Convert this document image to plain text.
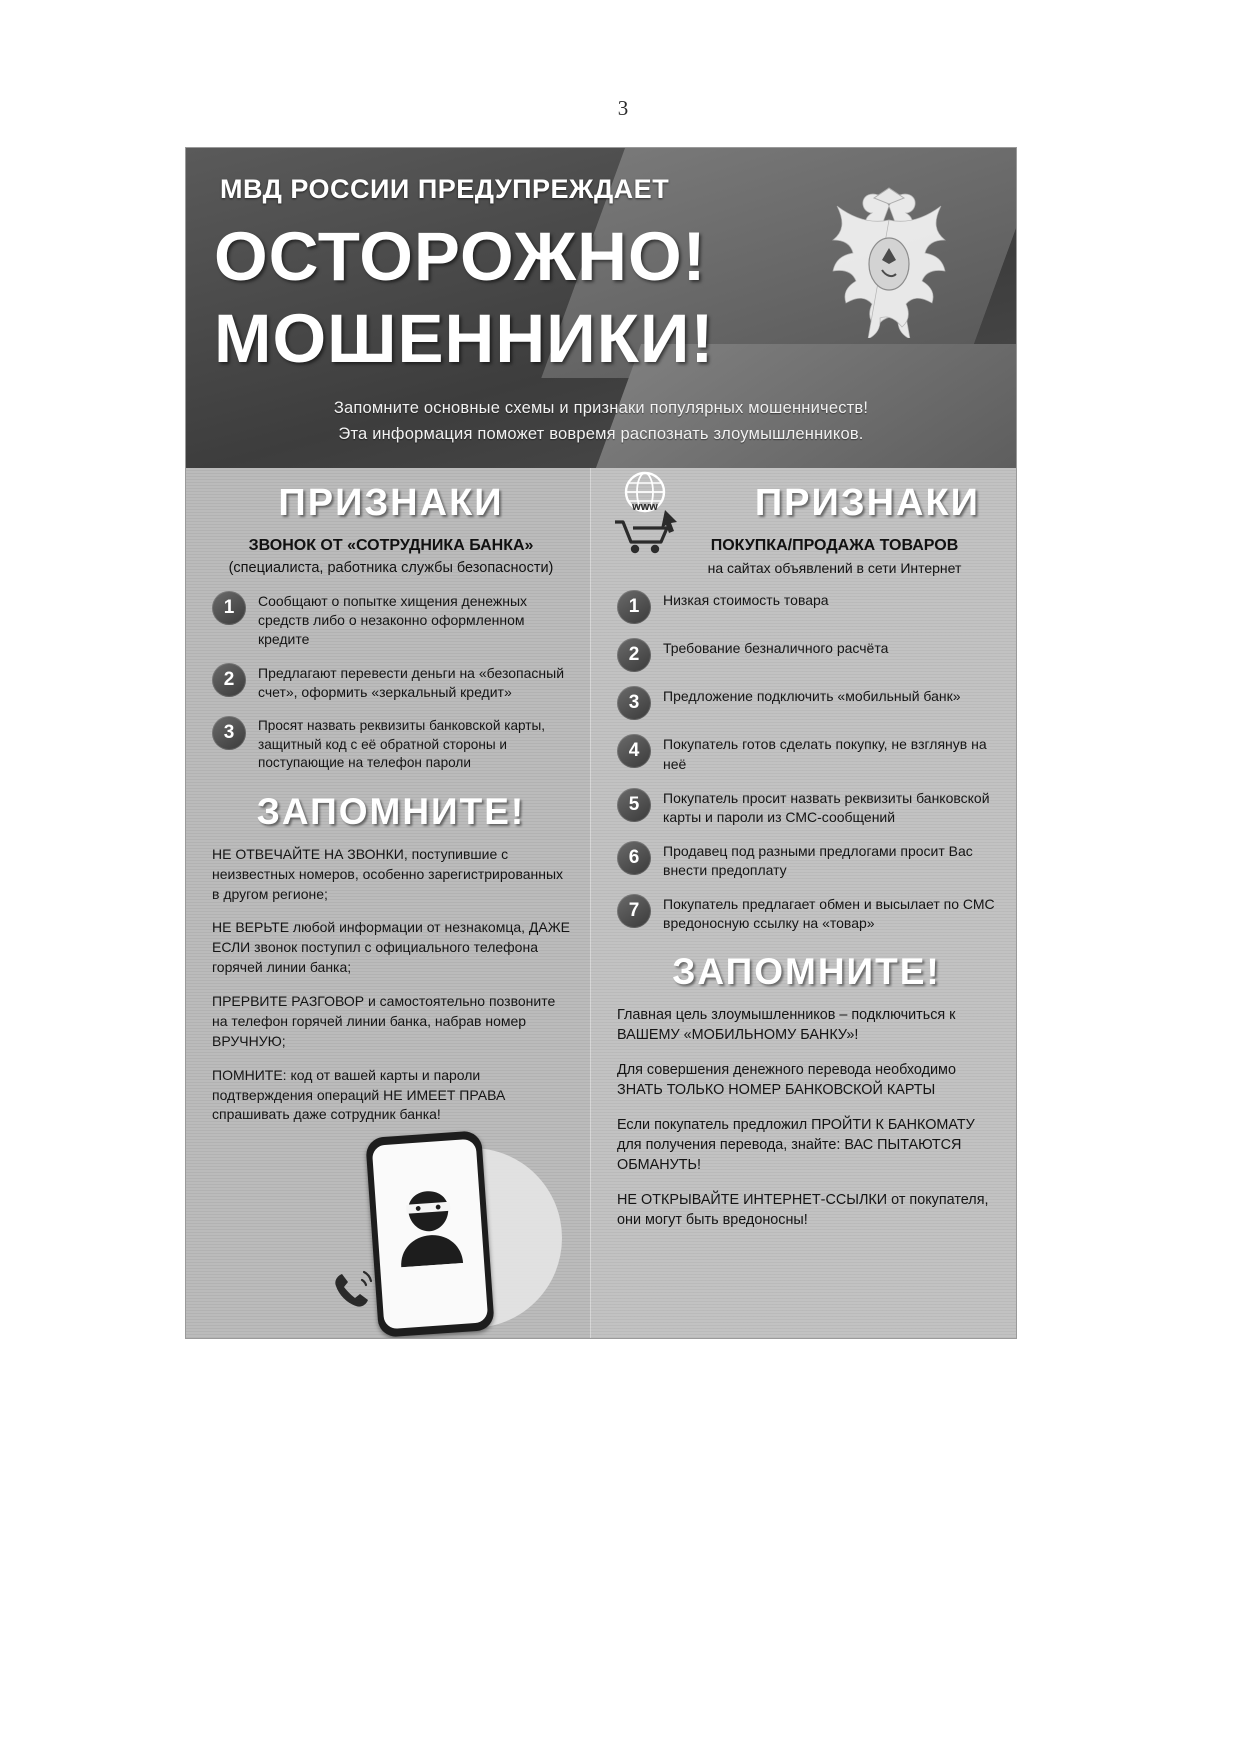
3
МВД РОССИИ ПРЕДУПРЕЖДАЕТ
ОСТОРОЖНО!
МОШЕННИКИ!
Запомните основные схемы и признаки популярных мошенничеств!
Эта информация поможет вовремя распознать злоумышленников.
ПРИЗНАКИ
ЗВОНОК ОТ «СОТРУДНИКА БАНКА»
(специалиста, работника службы безопасности)
1	Сообщают о попытке хищения денежных средств либо о незаконно оформленном кредите
2	Предлагают перевести деньги на «безопасный счет», оформить «зеркальный кредит»
3	Просят назвать реквизиты банковской карты, защитный код с её обратной стороны и поступающие на телефон пароли
ЗАПОМНИТЕ!
НЕ ОТВЕЧАЙТЕ НА ЗВОНКИ, поступившие с неизвестных номеров, особенно зарегистрированных в другом регионе;
НЕ ВЕРЬТЕ любой информации от незнакомца, ДАЖЕ ЕСЛИ звонок поступил с официального телефона горячей линии банка;
ПРЕРВИТЕ РАЗГОВОР и самостоятельно позвоните на телефон горячей линии банка, набрав номер ВРУЧНУЮ;
ПОМНИТЕ: код от вашей карты и пароли подтверждения операций НЕ ИМЕЕТ ПРАВА спрашивать даже сотрудник банка!
www	ПРИЗНАКИ
ПОКУПКА/ПРОДАЖА ТОВАРОВ
на сайтах объявлений в сети Интернет
1	Низкая стоимость товара
2	Требование безналичного расчёта
3	Предложение подключить «мобильный банк»
4	Покупатель готов сделать покупку, не взглянув на неё
5	Покупатель просит назвать реквизиты банковской карты и пароли из СМС-сообщений
6	Продавец под разными предлогами просит Вас внести предоплату
7	Покупатель предлагает обмен и высылает по СМС вредоносную ссылку на «товар»
ЗАПОМНИТЕ!
Главная цель злоумышленников – подключиться к ВАШЕМУ «МОБИЛЬНОМУ БАНКУ»!
Для совершения денежного перевода необходимо ЗНАТЬ ТОЛЬКО НОМЕР БАНКОВСКОЙ КАРТЫ
Если покупатель предложил ПРОЙТИ К БАНКОМАТУ для получения перевода, знайте: ВАС ПЫТАЮТСЯ ОБМАНУТЬ!
НЕ ОТКРЫВАЙТЕ ИНТЕРНЕТ-ССЫЛКИ от покупателя, они могут быть вредоносны!
